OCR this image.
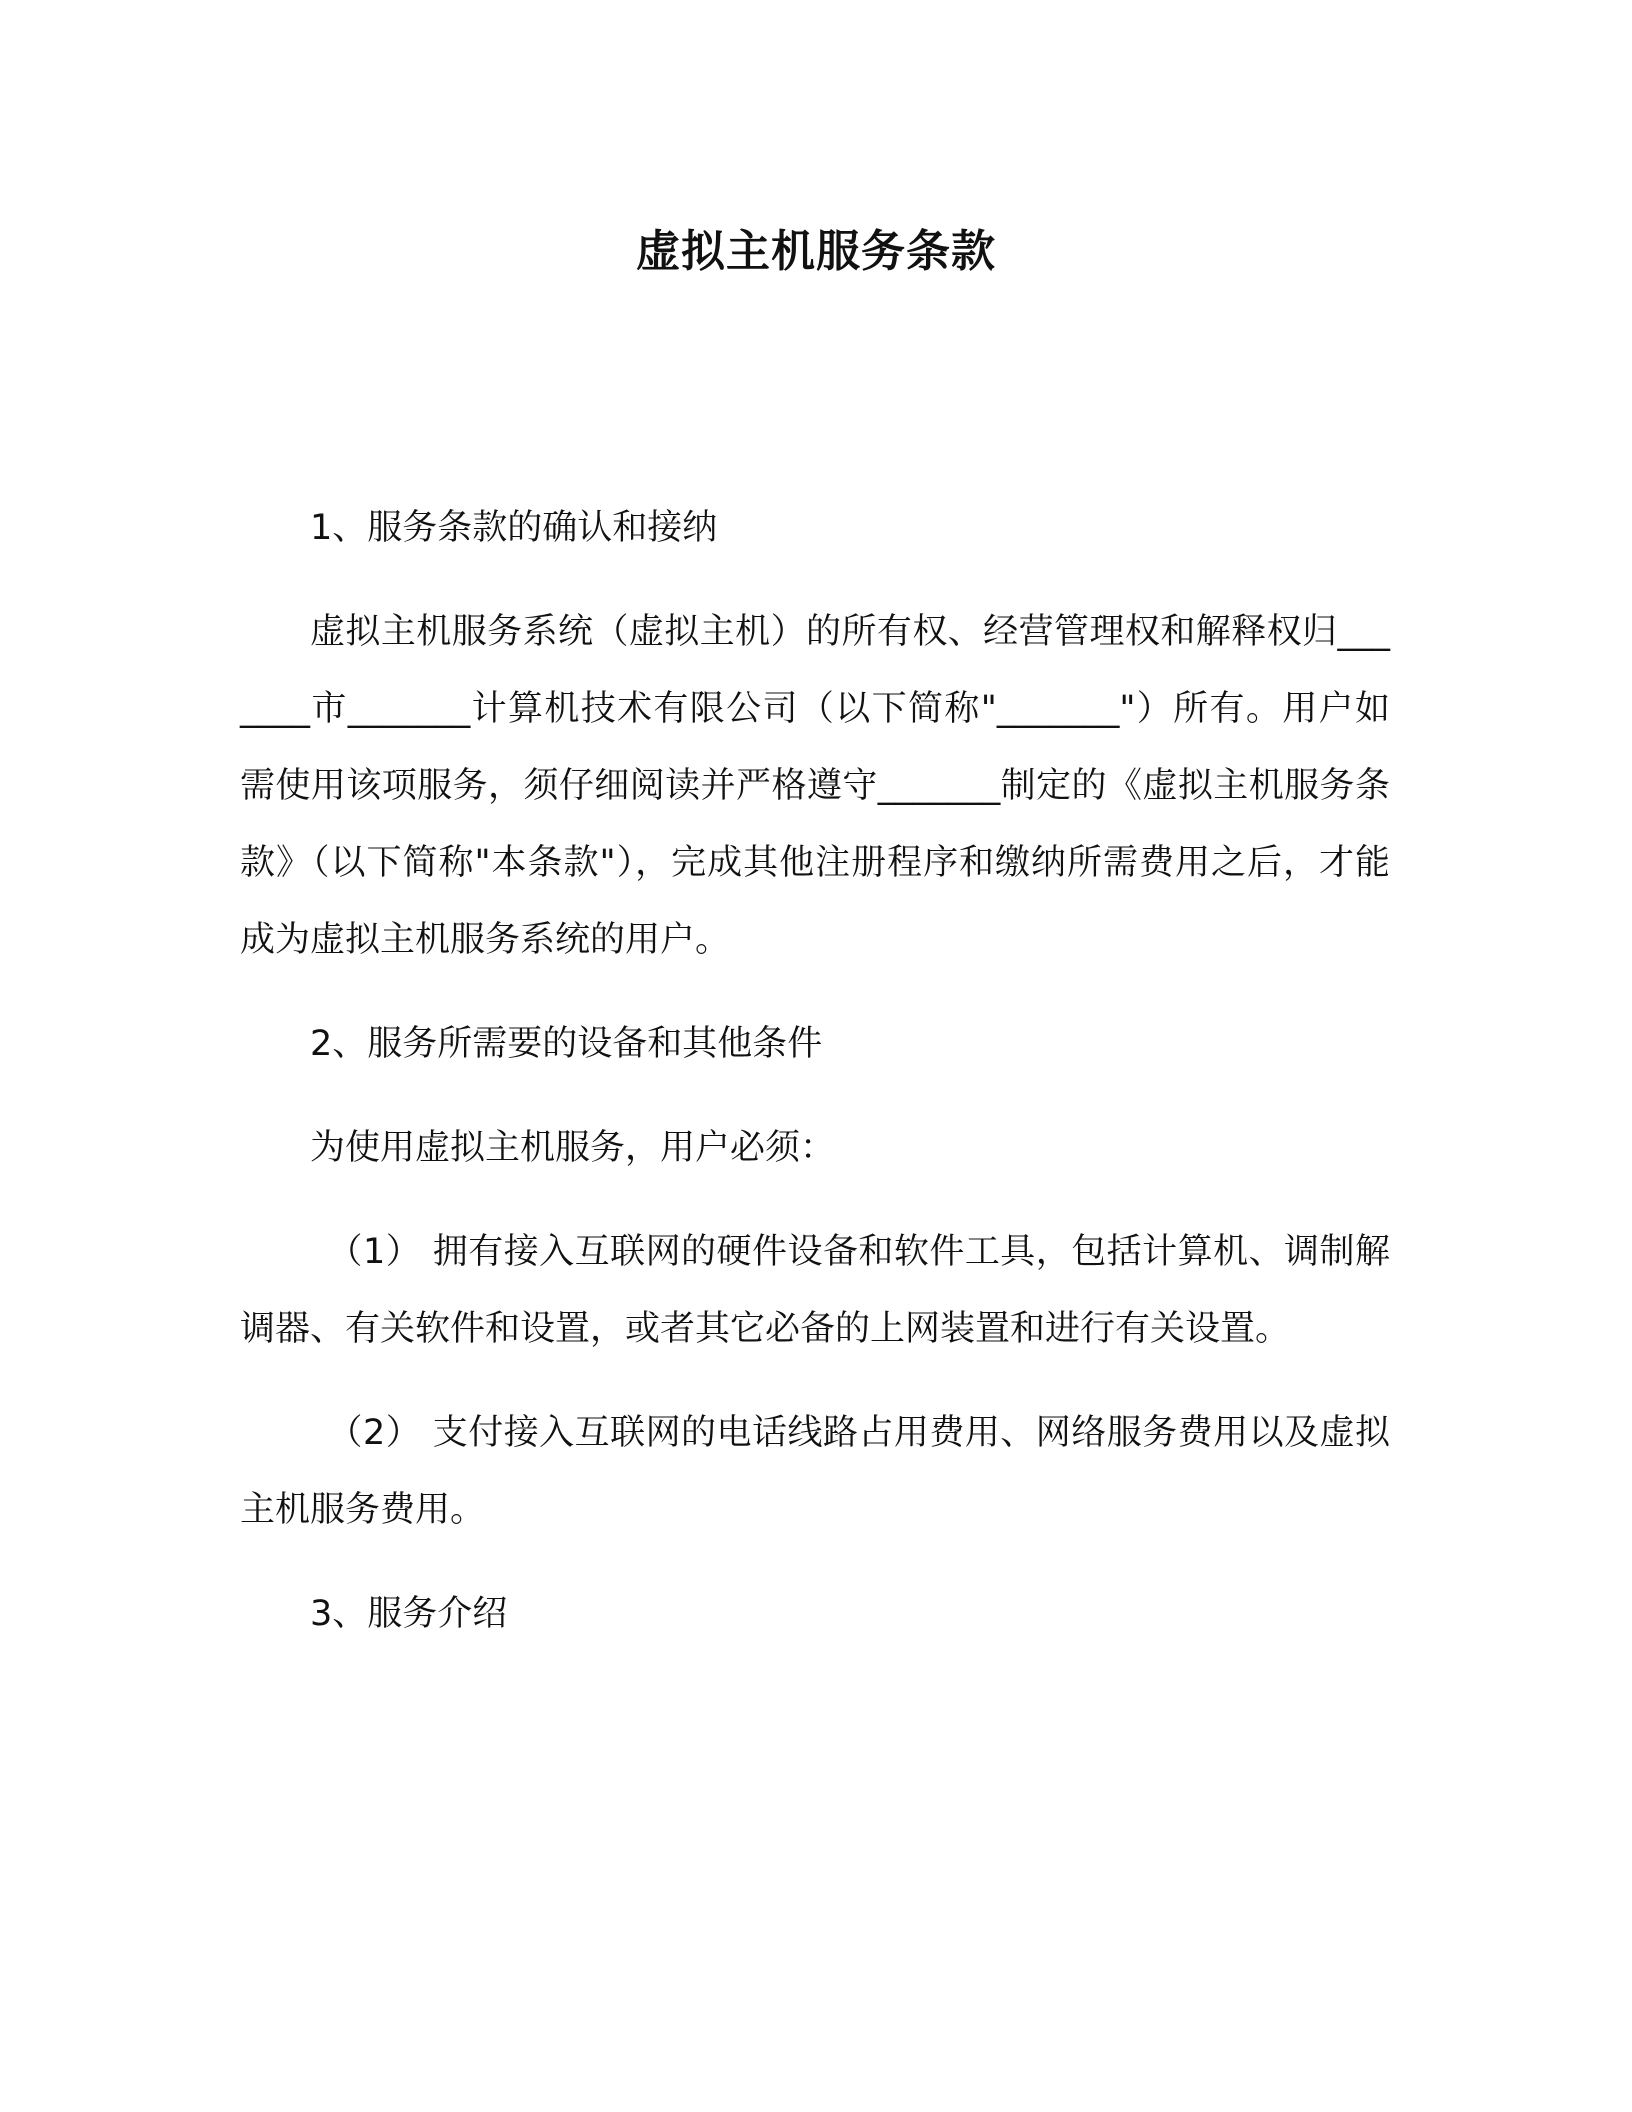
虚拟主机服务条款

1、服务条款的确认和接纳

虚拟主机服务系统（虚拟主机）的所有权、经营管理权和解释权归_______市_______计算机技术有限公司（以下简称"_______"）所有。用户如需使用该项服务，须仔细阅读并严格遵守_______制定的《虚拟主机服务条款》（以下简称"本条款"），完成其他注册程序和缴纳所需费用之后，才能成为虚拟主机服务系统的用户。

2、服务所需要的设备和其他条件

为使用虚拟主机服务，用户必须：

（1） 拥有接入互联网的硬件设备和软件工具，包括计算机、调制解调器、有关软件和设置，或者其它必备的上网装置和进行有关设置。

（2） 支付接入互联网的电话线路占用费用、网络服务费用以及虚拟主机服务费用。

3、服务介绍
